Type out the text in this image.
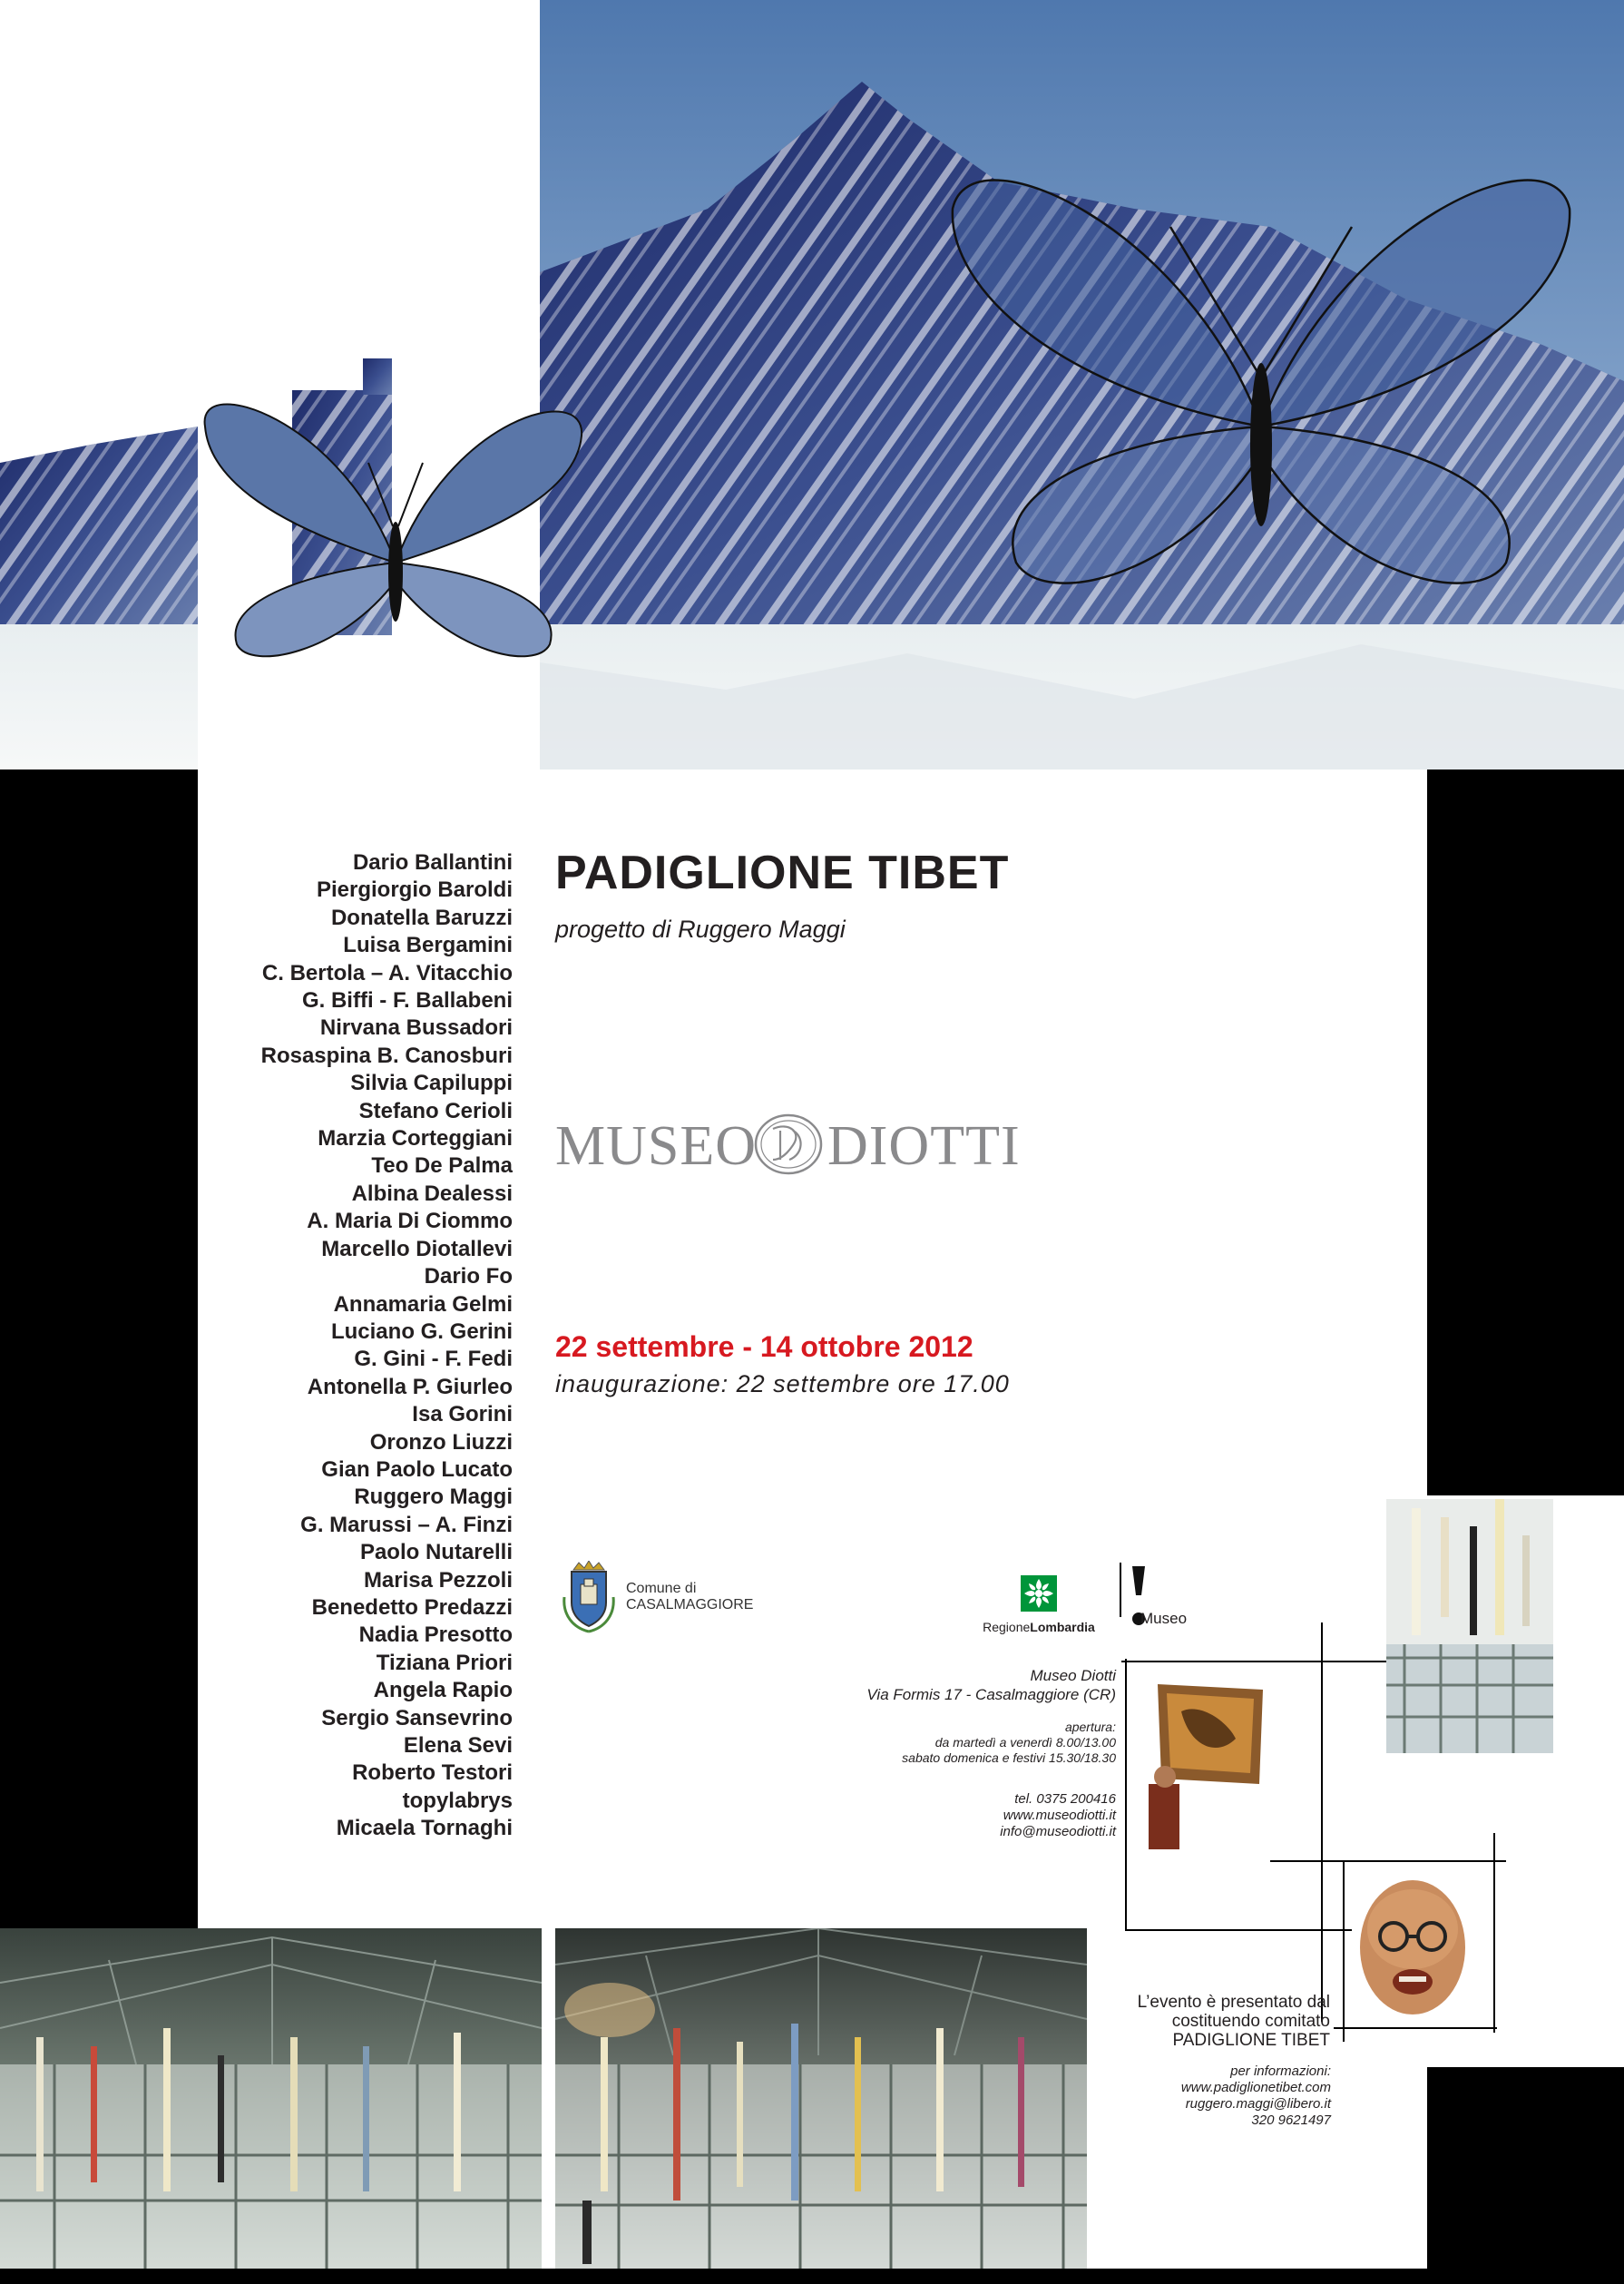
Dario Ballantini
Piergiorgio Baroldi
Donatella Baruzzi
Luisa Bergamini
C. Bertola – A. Vitacchio
G. Biffi - F. Ballabeni
Nirvana Bussadori
Rosaspina B. Canosburi
Silvia Capiluppi
Stefano Cerioli
Marzia Corteggiani
Teo De Palma
Albina Dealessi
A. Maria Di Ciommo
Marcello Diotallevi
Dario Fo
Annamaria Gelmi
Luciano G. Gerini
G. Gini - F. Fedi
Antonella P. Giurleo
Isa Gorini
Oronzo Liuzzi
Gian Paolo Lucato
Ruggero Maggi
G. Marussi – A. Finzi
Paolo Nutarelli
Marisa Pezzoli
Benedetto Predazzi
Nadia Presotto
Tiziana Priori
Angela Rapio
Sergio Sansevrino
Elena Sevi
Roberto Testori
topylabrys
Micaela Tornaghi
PADIGLIONE TIBET
progetto di Ruggero Maggi
MUSEO DIOTTI
22 settembre - 14 ottobre 2012
inaugurazione: 22 settembre ore 17.00
Comune di
CASALMAGGIORE
RegioneLombardia	Museo
Museo Diotti
Via Formis 17 - Casalmaggiore (CR)
apertura:
da martedì a venerdì 8.00/13.00
sabato domenica e festivi 15.30/18.30
tel. 0375 200416
www.museodiotti.it
info@museodiotti.it
L’evento è presentato dal
costituendo comitato
PADIGLIONE TIBET
per informazioni:
www.padiglionetibet.com
ruggero.maggi@libero.it
320 9621497
